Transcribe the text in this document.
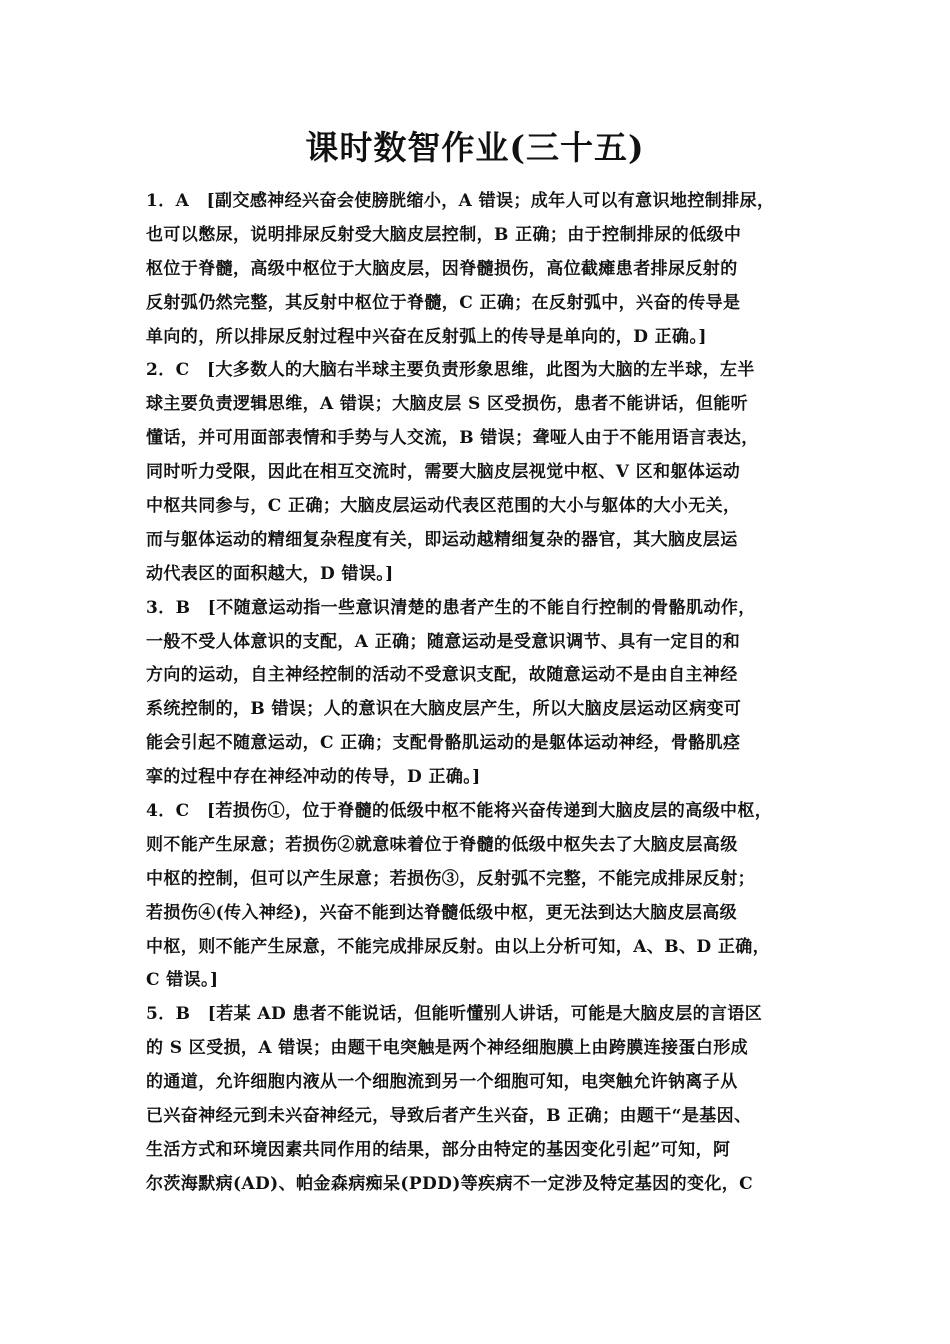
课时数智作业(三十五)
1．A　[副交感神经兴奋会使膀胱缩小，A 错误；成年人可以有意识地控制排尿，
也可以憋尿，说明排尿反射受大脑皮层控制，B 正确；由于控制排尿的低级中
枢位于脊髓，高级中枢位于大脑皮层，因脊髓损伤，高位截瘫患者排尿反射的
反射弧仍然完整，其反射中枢位于脊髓，C 正确；在反射弧中，兴奋的传导是
单向的，所以排尿反射过程中兴奋在反射弧上的传导是单向的，D 正确。]
2．C　[大多数人的大脑右半球主要负责形象思维，此图为大脑的左半球，左半
球主要负责逻辑思维，A 错误；大脑皮层 S 区受损伤，患者不能讲话，但能听
懂话，并可用面部表情和手势与人交流，B 错误；聋哑人由于不能用语言表达，
同时听力受限，因此在相互交流时，需要大脑皮层视觉中枢、V 区和躯体运动
中枢共同参与，C 正确；大脑皮层运动代表区范围的大小与躯体的大小无关，
而与躯体运动的精细复杂程度有关，即运动越精细复杂的器官，其大脑皮层运
动代表区的面积越大，D 错误。]
3．B　[不随意运动指一些意识清楚的患者产生的不能自行控制的骨骼肌动作，
一般不受人体意识的支配，A 正确；随意运动是受意识调节、具有一定目的和
方向的运动，自主神经控制的活动不受意识支配，故随意运动不是由自主神经
系统控制的，B 错误；人的意识在大脑皮层产生，所以大脑皮层运动区病变可
能会引起不随意运动，C 正确；支配骨骼肌运动的是躯体运动神经，骨骼肌痉
挛的过程中存在神经冲动的传导，D 正确。]
4．C　[若损伤①，位于脊髓的低级中枢不能将兴奋传递到大脑皮层的高级中枢，
则不能产生尿意；若损伤②就意味着位于脊髓的低级中枢失去了大脑皮层高级
中枢的控制，但可以产生尿意；若损伤③，反射弧不完整，不能完成排尿反射；
若损伤④(传入神经)，兴奋不能到达脊髓低级中枢，更无法到达大脑皮层高级
中枢，则不能产生尿意，不能完成排尿反射。由以上分析可知，A、B、D 正确，
C 错误。]
5．B　[若某 AD 患者不能说话，但能听懂别人讲话，可能是大脑皮层的言语区
的 S 区受损，A 错误；由题干电突触是两个神经细胞膜上由跨膜连接蛋白形成
的通道，允许细胞内液从一个细胞流到另一个细胞可知，电突触允许钠离子从
已兴奋神经元到未兴奋神经元，导致后者产生兴奋，B 正确；由题干“是基因、
生活方式和环境因素共同作用的结果，部分由特定的基因变化引起”可知，阿
尔茨海默病(AD)、帕金森病痴呆(PDD)等疾病不一定涉及特定基因的变化，C
